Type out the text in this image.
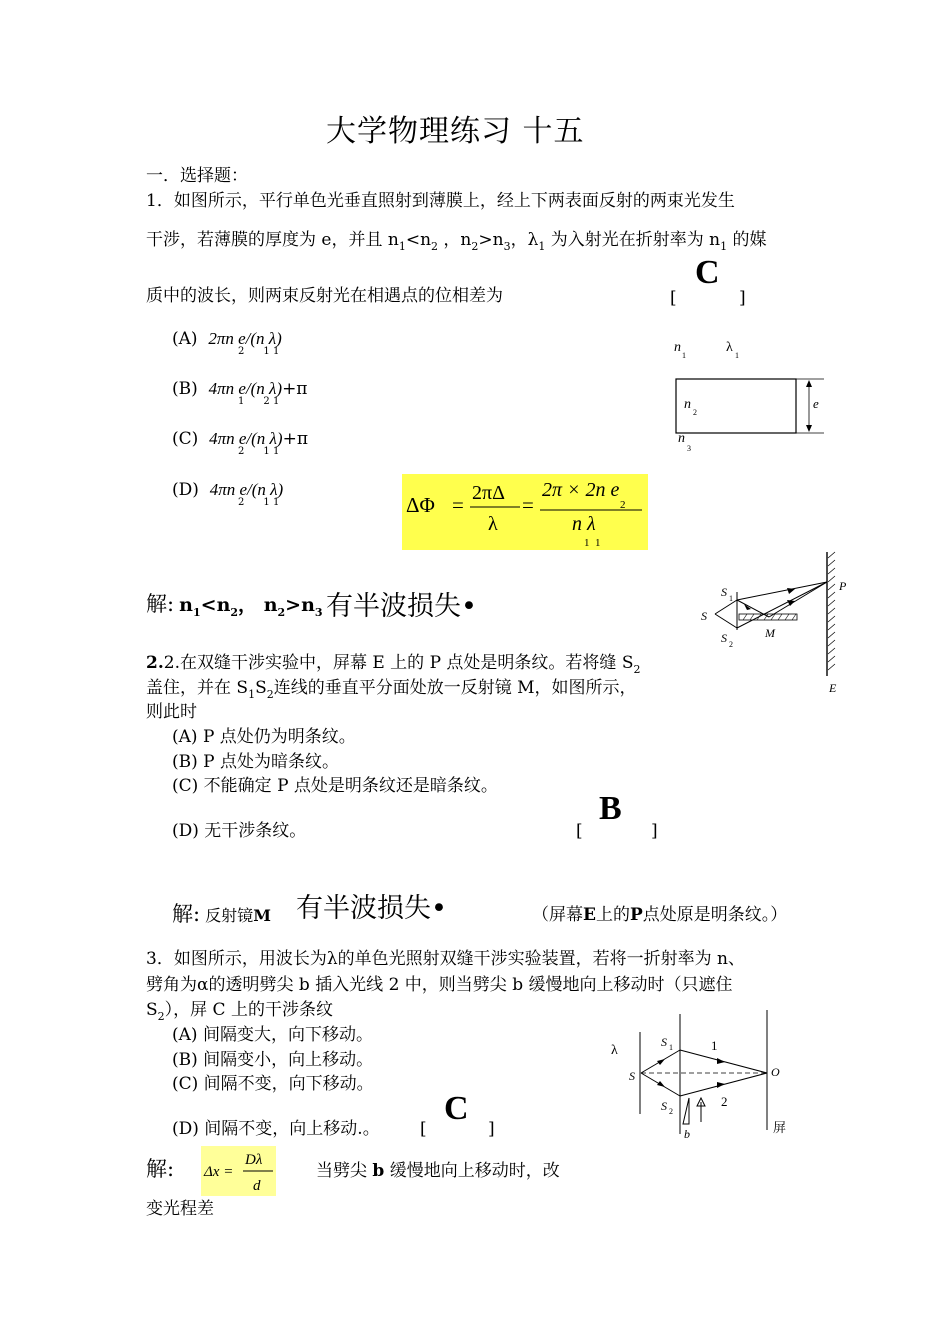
大学物理练习 十五
一．选择题：
1．如图所示，平行单色光垂直照射到薄膜上，经上下两表面反射的两束光发生
干涉，若薄膜的厚度为 e，并且 $n_1<n_2$ ，$n_2>n_3$，$\lambda_1$ 为入射光在折射率为 $n_1$ 的媒
质中的波长，则两束反射光在相遇点的位相差为	[
C
]
(A) 2πn e/(n λ)
2      1 1
(B) 4πn e/(n λ)+π
1      2 1
(C) 4πn e/(n λ)+π
2      1 1
(D) 4πn e/(n λ)
2      1 1	ΔΦ = 2πΔ
λ
=
2π × 2n e
2
n λ
1  1
n
1
λ
1
n
2
n
3
e
解: $n_1<n_2$， $n_2>n_3$ 有半波损失•
P
E
M
S 1
S
S 2
2.2.在双缝干涉实验中，屏幕 E 上的 P 点处是明条纹。若将缝 $S_2$
盖住，并在 $S_1S_2$连线的垂直平分面处放一反射镜 M，如图所示，
则此时
(A) P 点处仍为明条纹。
(B) P 点处为暗条纹。
(C) 不能确定 P 点处是明条纹还是暗条纹。
(D) 无干涉条纹。	[
B
]
解: 反射镜M 有半波损失•	（屏幕E上的P点处原是明条纹。）
3．如图所示，用波长为λ的单色光照射双缝干涉实验装置，若将一折射率为 n、
劈角为α的透明劈尖 b 插入光线 2 中，则当劈尖 b 缓慢地向上移动时（只遮住
$S_2$），屏 C 上的干涉条纹
(A) 间隔变大，向下移动。
(B) 间隔变小，向上移动。
(C) 间隔不变，向下移动。
(D) 间隔不变，向上移动.。 [
C
]
λ
S 1
S
S 2
1
2
O
b	屏
解: Δx =
Dλ
d
当劈尖 b 缓慢地向上移动时，改
变光程差
